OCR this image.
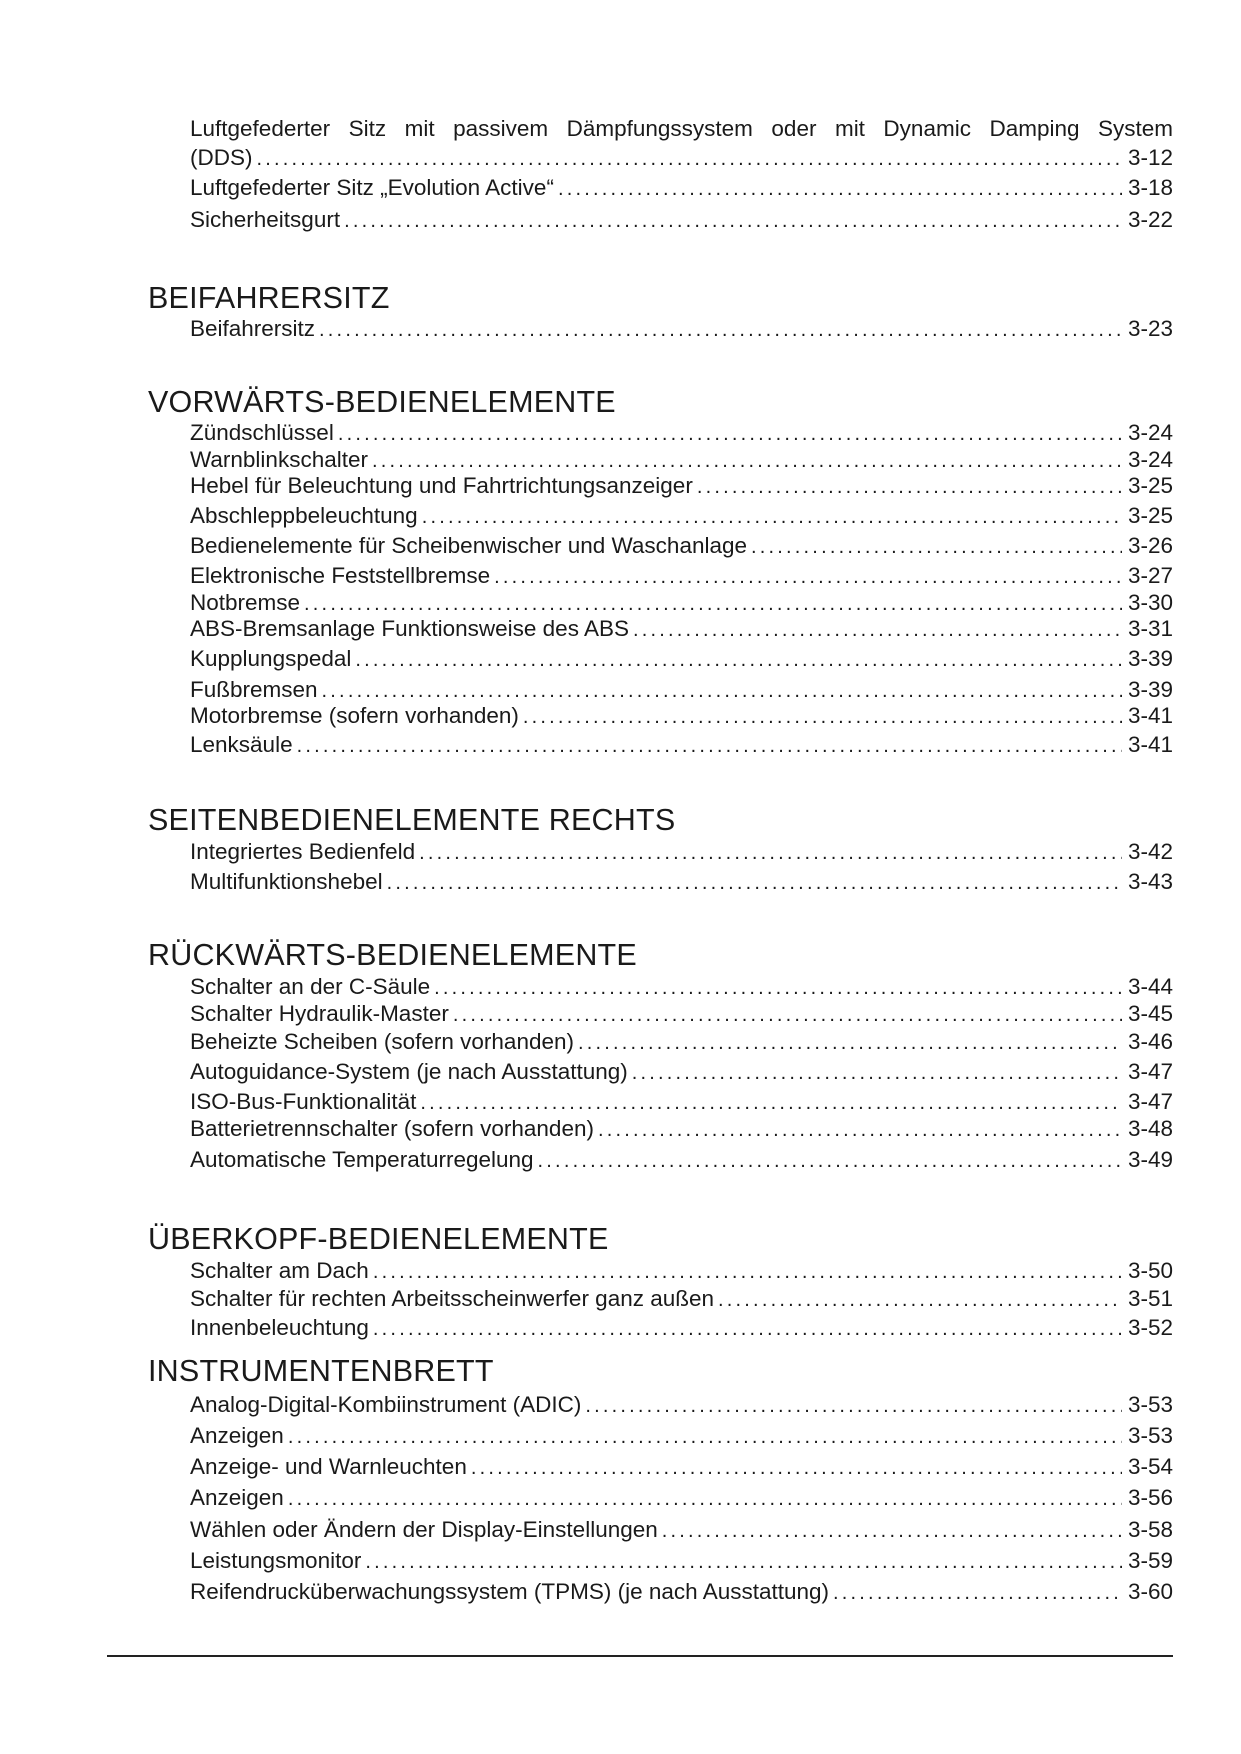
Luftgefederter Sitz mit passivem Dämpfungssystem oder mit Dynamic Damping System
(DDS) .....	3-12
Luftgefederter Sitz „Evolution Active“ .....	3-18
Sicherheitsgurt .....	3-22
BEIFAHRERSITZ
Beifahrersitz .....	3-23
VORWÄRTS-BEDIENELEMENTE
Zündschlüssel .....	3-24
Warnblinkschalter .....	3-24
Hebel für Beleuchtung und Fahrtrichtungsanzeiger .....	3-25
Abschleppbeleuchtung .....	3-25
Bedienelemente für Scheibenwischer und Waschanlage .....	3-26
Elektronische Feststellbremse .....	3-27
Notbremse .....	3-30
ABS-Bremsanlage Funktionsweise des ABS .....	3-31
Kupplungspedal .....	3-39
Fußbremsen .....	3-39
Motorbremse (sofern vorhanden) .....	3-41
Lenksäule .....	3-41
SEITENBEDIENELEMENTE RECHTS
Integriertes Bedienfeld .....	3-42
Multifunktionshebel .....	3-43
RÜCKWÄRTS-BEDIENELEMENTE
Schalter an der C-Säule .....	3-44
Schalter Hydraulik-Master .....	3-45
Beheizte Scheiben (sofern vorhanden) .....	3-46
Autoguidance-System (je nach Ausstattung) .....	3-47
ISO-Bus-Funktionalität .....	3-47
Batterietrennschalter (sofern vorhanden) .....	3-48
Automatische Temperaturregelung .....	3-49
ÜBERKOPF-BEDIENELEMENTE
Schalter am Dach .....	3-50
Schalter für rechten Arbeitsscheinwerfer ganz außen .....	3-51
Innenbeleuchtung .....	3-52
INSTRUMENTENBRETT
Analog-Digital-Kombiinstrument (ADIC) .....	3-53
Anzeigen .....	3-53
Anzeige- und Warnleuchten .....	3-54
Anzeigen .....	3-56
Wählen oder Ändern der Display-Einstellungen .....	3-58
Leistungsmonitor .....	3-59
Reifendrucküberwachungssystem (TPMS) (je nach Ausstattung) .....	3-60
